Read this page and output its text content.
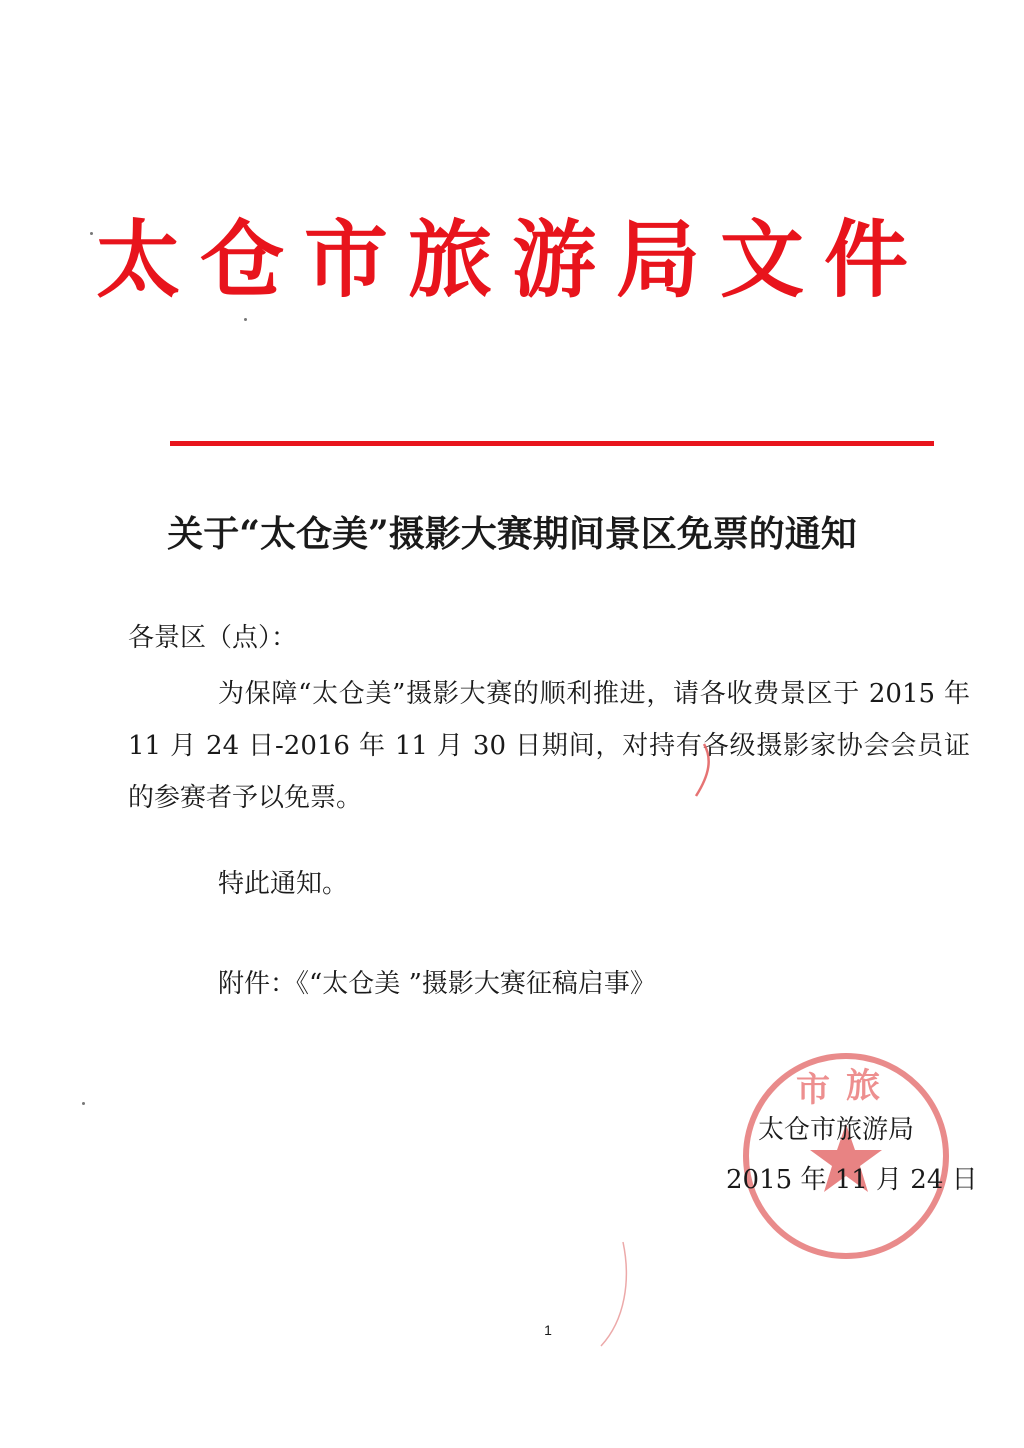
太仓市旅游局文件
关于“太仓美”摄影大赛期间景区免票的通知
各景区（点）：

为保障“太仓美”摄影大赛的顺利推进，请各收费景区于 2015 年 11 月 24 日-2016 年 11 月 30 日期间，对持有各级摄影家协会会员证的参赛者予以免票。

特此通知。
附件：《“太仓美 ”摄影大赛征稿启事》
市 旅
太仓市旅游局
2015 年 11 月 24 日
1
